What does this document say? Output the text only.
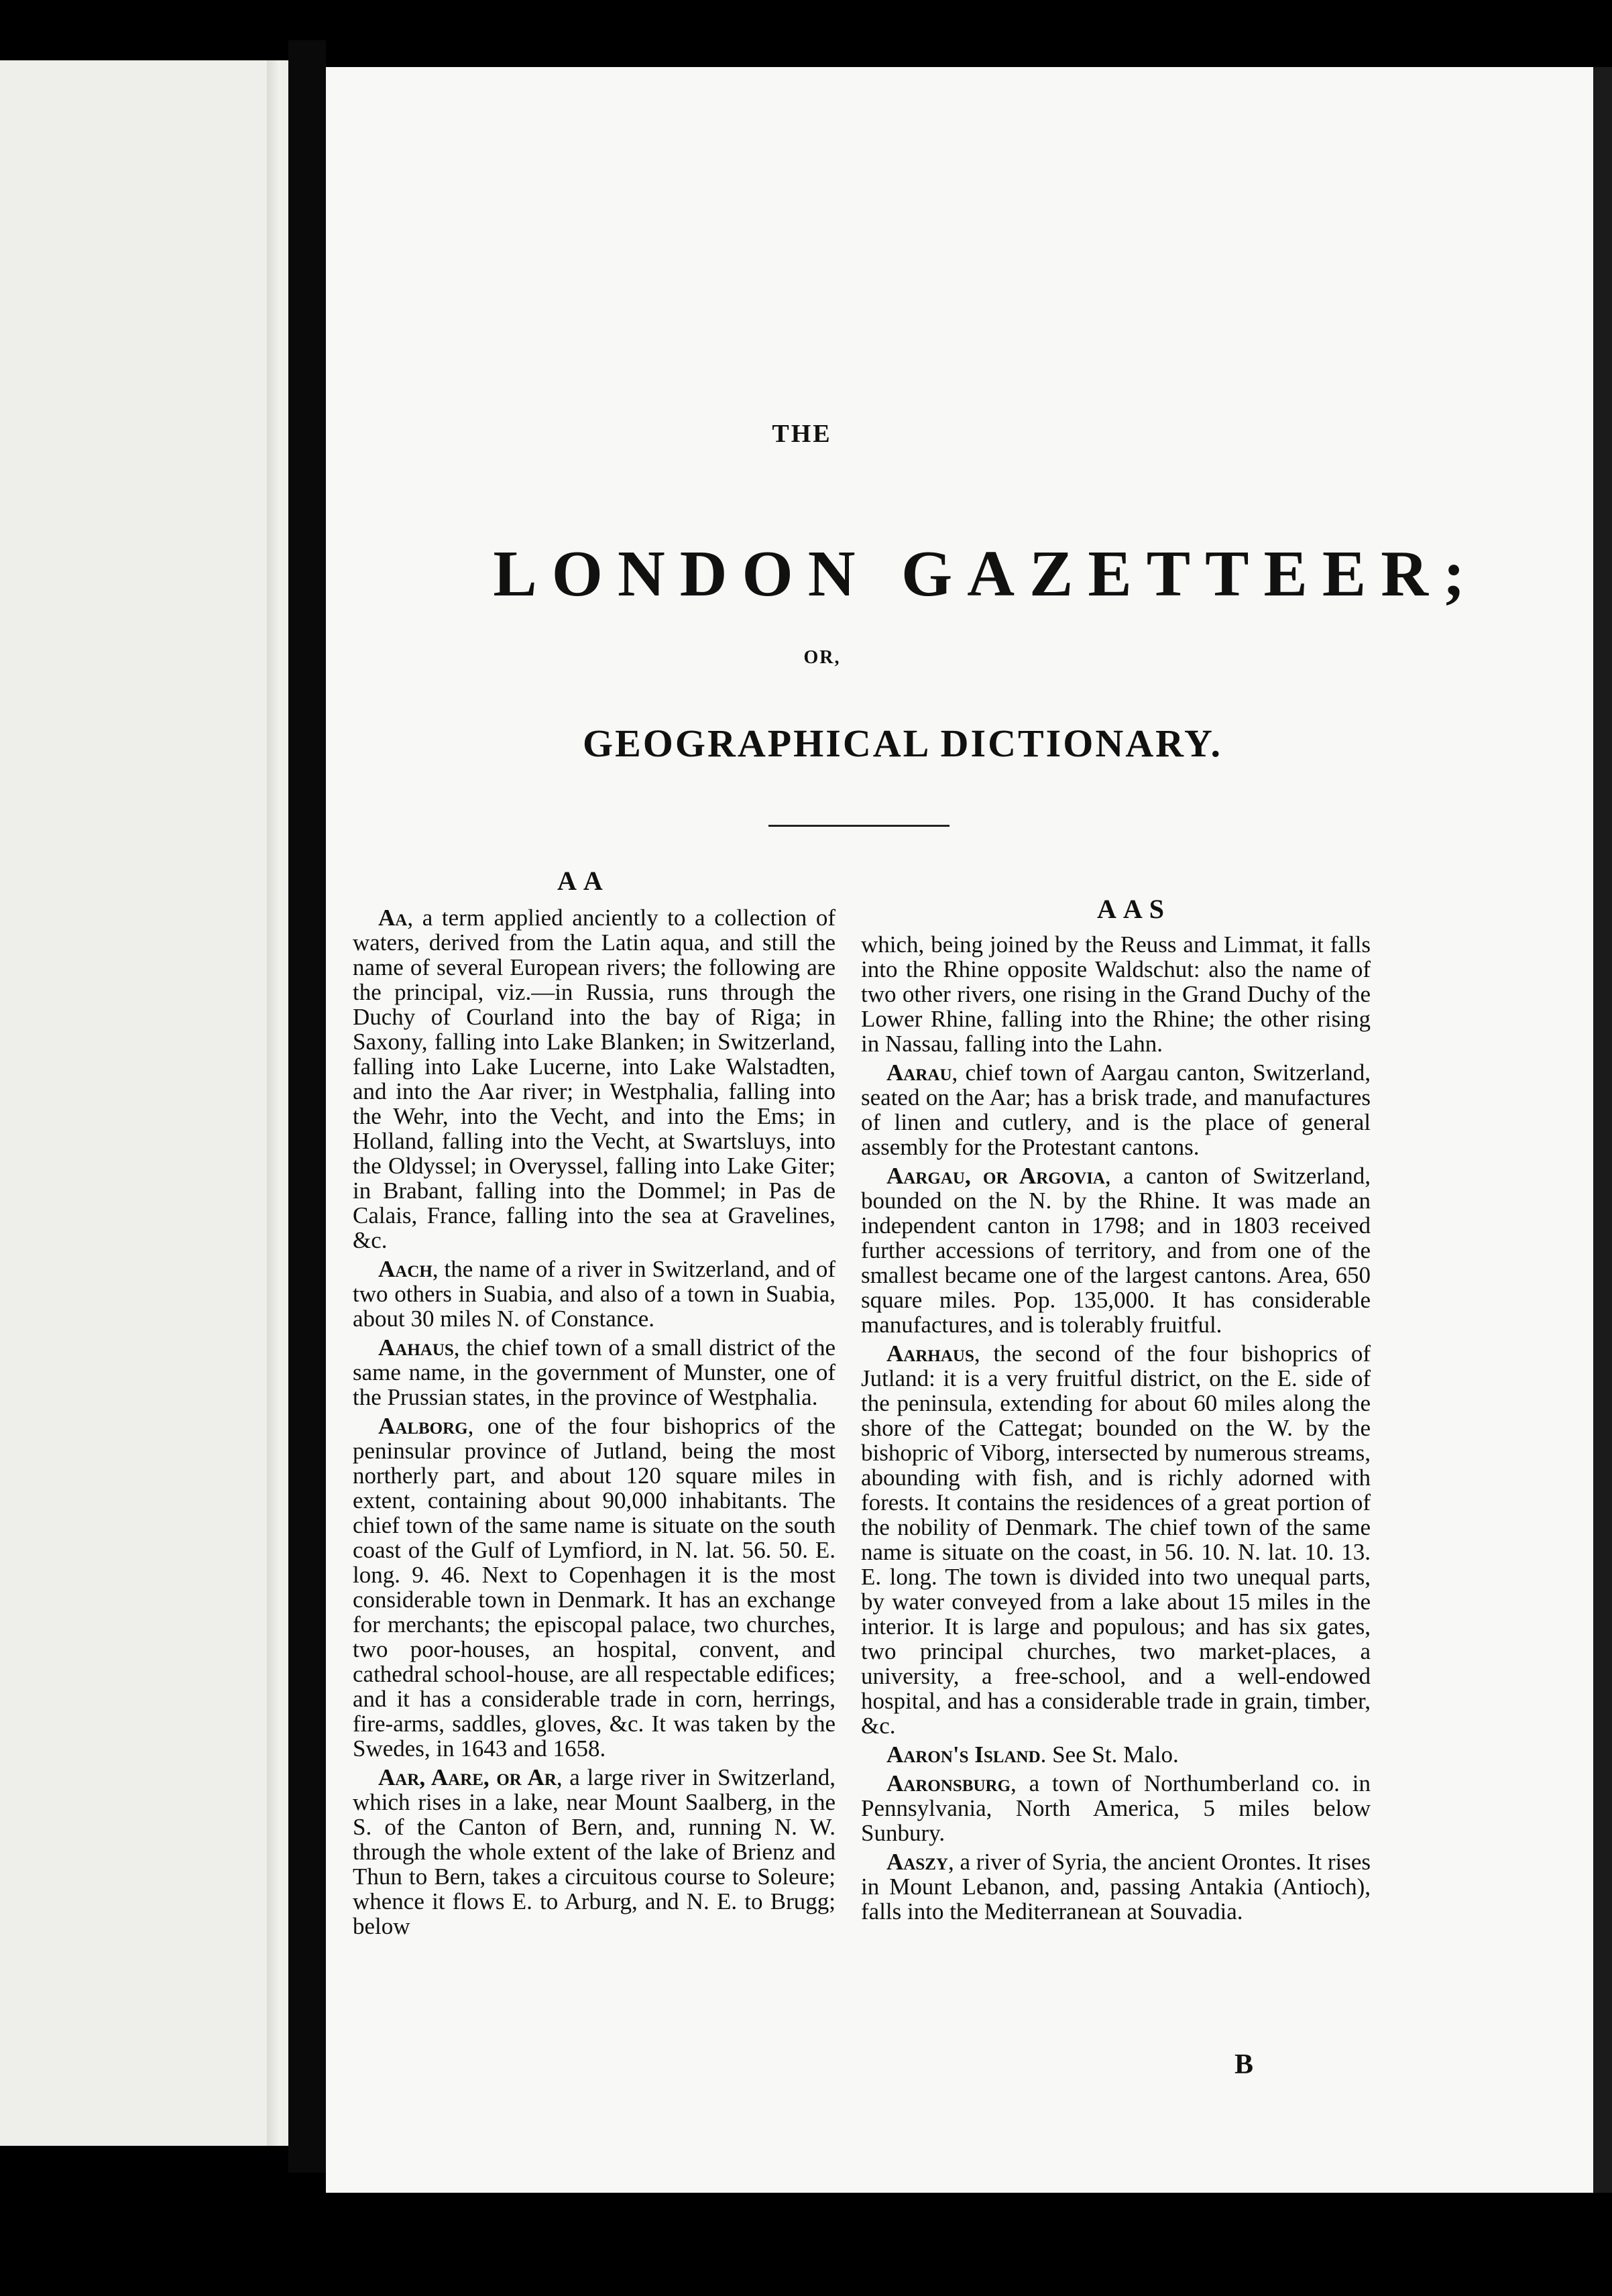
THE
LONDON GAZETTEER;
OR,
GEOGRAPHICAL DICTIONARY.
AA
AAS

Aa, a term applied anciently to a collection of waters, derived from the Latin aqua, and still the name of several European rivers; the following are the principal, viz.—in Russia, runs through the Duchy of Courland into the bay of Riga; in Saxony, falling into Lake Blanken; in Switzerland, falling into Lake Lucerne, into Lake Walstadten, and into the Aar river; in Westphalia, falling into the Wehr, into the Vecht, and into the Ems; in Holland, falling into the Vecht, at Swartsluys, into the Oldyssel; in Overyssel, falling into Lake Giter; in Brabant, falling into the Dommel; in Pas de Calais, France, falling into the sea at Gravelines, &c.

Aach, the name of a river in Switzerland, and of two others in Suabia, and also of a town in Suabia, about 30 miles N. of Constance.

Aahaus, the chief town of a small district of the same name, in the government of Munster, one of the Prussian states, in the province of Westphalia.

Aalborg, one of the four bishoprics of the peninsular province of Jutland, being the most northerly part, and about 120 square miles in extent, containing about 90,000 inhabitants. The chief town of the same name is situate on the south coast of the Gulf of Lymfiord, in N. lat. 56. 50. E. long. 9. 46. Next to Copenhagen it is the most considerable town in Denmark. It has an exchange for merchants; the episcopal palace, two churches, two poor-houses, an hospital, convent, and cathedral school-house, are all respectable edifices; and it has a considerable trade in corn, herrings, fire-arms, saddles, gloves, &c. It was taken by the Swedes, in 1643 and 1658.

Aar, Aare, or Ar, a large river in Switzerland, which rises in a lake, near Mount Saalberg, in the S. of the Canton of Bern, and, running N. W. through the whole extent of the lake of Brienz and Thun to Bern, takes a circuitous course to Soleure; whence it flows E. to Arburg, and N. E. to Brugg; below

which, being joined by the Reuss and Limmat, it falls into the Rhine opposite Waldschut: also the name of two other rivers, one rising in the Grand Duchy of the Lower Rhine, falling into the Rhine; the other rising in Nassau, falling into the Lahn.

Aarau, chief town of Aargau canton, Switzerland, seated on the Aar; has a brisk trade, and manufactures of linen and cutlery, and is the place of general assembly for the Protestant cantons.

Aargau, or Argovia, a canton of Switzerland, bounded on the N. by the Rhine. It was made an independent canton in 1798; and in 1803 received further accessions of territory, and from one of the smallest became one of the largest cantons. Area, 650 square miles. Pop. 135,000. It has considerable manufactures, and is tolerably fruitful.

Aarhaus, the second of the four bishoprics of Jutland: it is a very fruitful district, on the E. side of the peninsula, extending for about 60 miles along the shore of the Cattegat; bounded on the W. by the bishopric of Viborg, intersected by numerous streams, abounding with fish, and is richly adorned with forests. It contains the residences of a great portion of the nobility of Denmark. The chief town of the same name is situate on the coast, in 56. 10. N. lat. 10. 13. E. long. The town is divided into two unequal parts, by water conveyed from a lake about 15 miles in the interior. It is large and populous; and has six gates, two principal churches, two market-places, a university, a free-school, and a well-endowed hospital, and has a considerable trade in grain, timber, &c.

Aaron's Island. See St. Malo.

Aaronsburg, a town of Northumberland co. in Pennsylvania, North America, 5 miles below Sunbury.

Aaszy, a river of Syria, the ancient Orontes. It rises in Mount Lebanon, and, passing Antakia (Antioch), falls into the Mediterranean at Souvadia.

B
